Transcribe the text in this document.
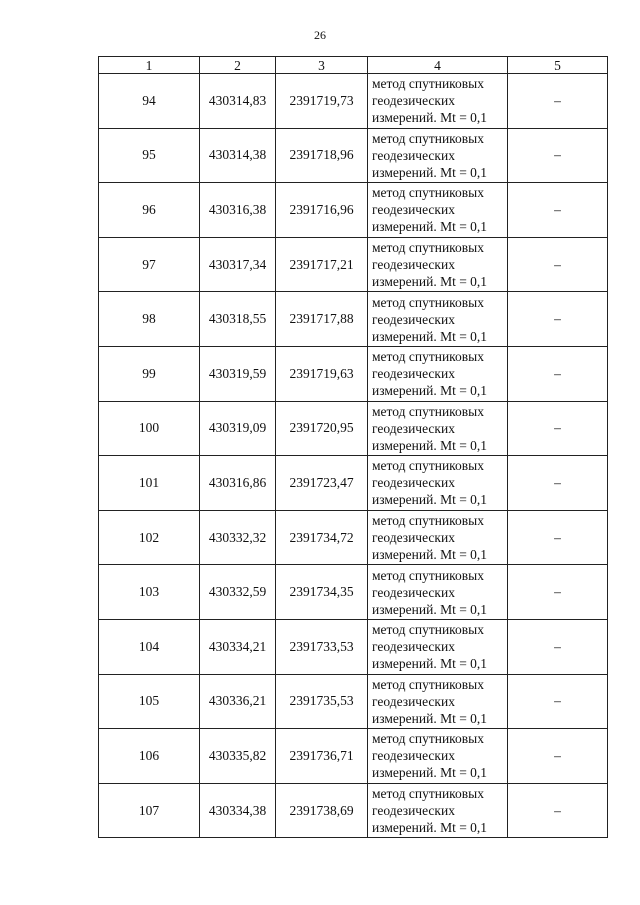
26
1	2	3	4	5
94	430314,83	2391719,73	метод спутниковых геодезических измерений. Mt = 0,1	–
95	430314,38	2391718,96	метод спутниковых геодезических измерений. Mt = 0,1	–
96	430316,38	2391716,96	метод спутниковых геодезических измерений. Mt = 0,1	–
97	430317,34	2391717,21	метод спутниковых геодезических измерений. Mt = 0,1	–
98	430318,55	2391717,88	метод спутниковых геодезических измерений. Mt = 0,1	–
99	430319,59	2391719,63	метод спутниковых геодезических измерений. Mt = 0,1	–
100	430319,09	2391720,95	метод спутниковых геодезических измерений. Mt = 0,1	–
101	430316,86	2391723,47	метод спутниковых геодезических измерений. Mt = 0,1	–
102	430332,32	2391734,72	метод спутниковых геодезических измерений. Mt = 0,1	–
103	430332,59	2391734,35	метод спутниковых геодезических измерений. Mt = 0,1	–
104	430334,21	2391733,53	метод спутниковых геодезических измерений. Mt = 0,1	–
105	430336,21	2391735,53	метод спутниковых геодезических измерений. Mt = 0,1	–
106	430335,82	2391736,71	метод спутниковых геодезических измерений. Mt = 0,1	–
107	430334,38	2391738,69	метод спутниковых геодезических измерений. Mt = 0,1	–
